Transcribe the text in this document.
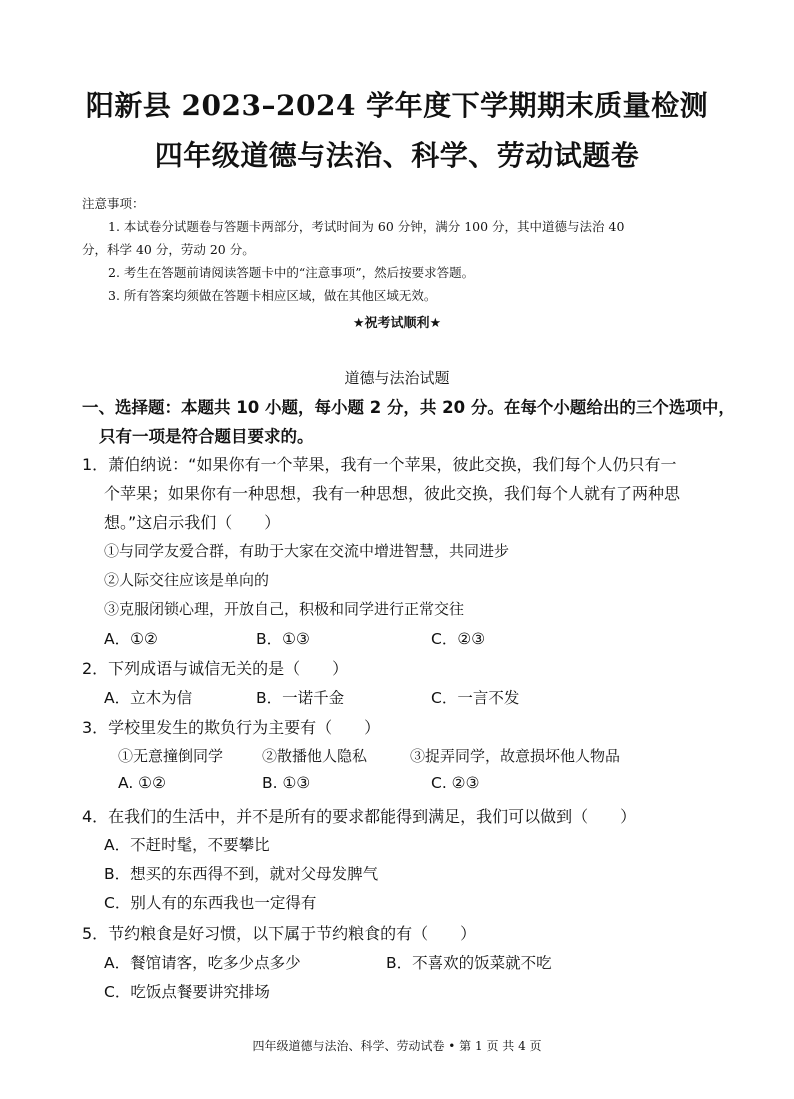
阳新县 2023–2024 学年度下学期期末质量检测
四年级道德与法治、科学、劳动试题卷
注意事项：
1. 本试卷分试题卷与答题卡两部分，考试时间为 60 分钟，满分 100 分，其中道德与法治 40
分，科学 40 分，劳动 20 分。
2. 考生在答题前请阅读答题卡中的“注意事项”，然后按要求答题。
3. 所有答案均须做在答题卡相应区域，做在其他区域无效。
★祝考试顺利★
道德与法治试题
一、选择题：本题共 10 小题，每小题 2 分，共 20 分。在每个小题给出的三个选项中，
只有一项是符合题目要求的。
1．萧伯纳说：“如果你有一个苹果，我有一个苹果，彼此交换，我们每个人仍只有一
个苹果；如果你有一种思想，我有一种思想，彼此交换，我们每个人就有了两种思
想。”这启示我们（　　）
①与同学友爱合群，有助于大家在交流中增进智慧，共同进步
②人际交往应该是单向的
③克服闭锁心理，开放自己，积极和同学进行正常交往
A．①②	B．①③	C．②③
2．下列成语与诚信无关的是（　　）
A．立木为信	B．一诺千金	C．一言不发
3．学校里发生的欺负行为主要有（　　）
①无意撞倒同学	②散播他人隐私	③捉弄同学，故意损坏他人物品
A. ①②	B. ①③	C. ②③
4．在我们的生活中，并不是所有的要求都能得到满足，我们可以做到（　　）
A．不赶时髦，不要攀比
B．想买的东西得不到，就对父母发脾气
C．别人有的东西我也一定得有
5．节约粮食是好习惯，以下属于节约粮食的有（　　）
A．餐馆请客，吃多少点多少	B．不喜欢的饭菜就不吃
C．吃饭点餐要讲究排场
四年级道德与法治、科学、劳动试卷 • 第 1 页 共 4 页
